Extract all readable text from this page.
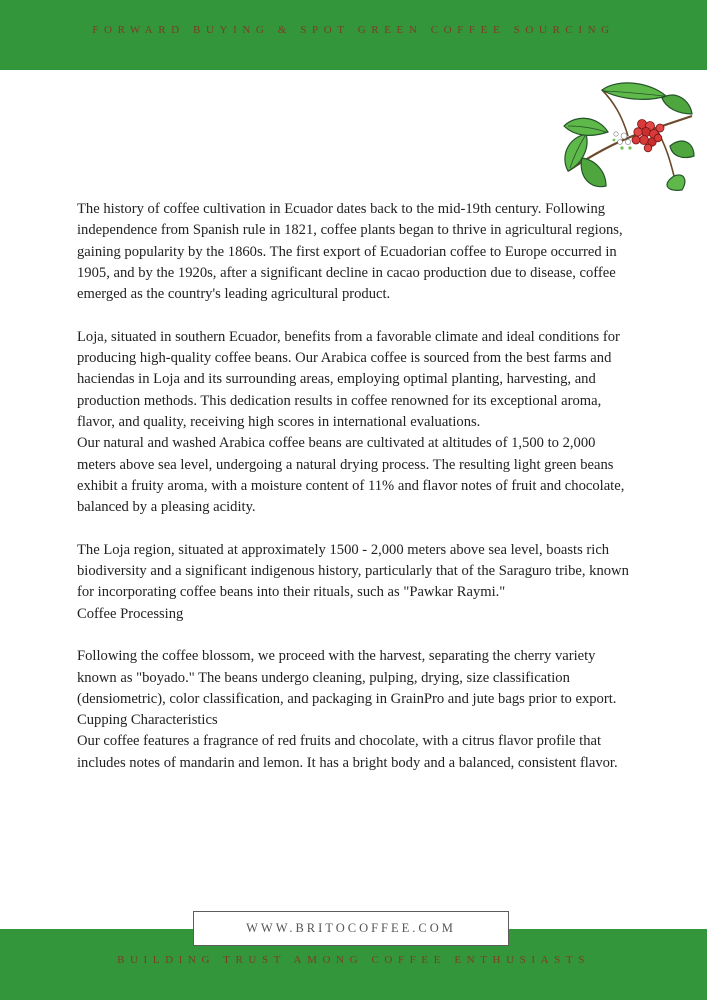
FORWARD BUYING & SPOT GREEN COFFEE SOURCING

The history of coffee cultivation in Ecuador dates back to the mid-19th century. Following independence from Spanish rule in 1821, coffee plants began to thrive in agricultural regions, gaining popularity by the 1860s. The first export of Ecuadorian coffee to Europe occurred in 1905, and by the 1920s, after a significant decline in cacao production due to disease, coffee emerged as the country's leading agricultural product.

Loja, situated in southern Ecuador, benefits from a favorable climate and ideal conditions for producing high-quality coffee beans. Our Arabica coffee is sourced from the best farms and haciendas in Loja and its surrounding areas, employing optimal planting, harvesting, and production methods. This dedication results in coffee renowned for its exceptional aroma, flavor, and quality, receiving high scores in international evaluations.

Our natural and washed Arabica coffee beans are cultivated at altitudes of 1,500 to 2,000 meters above sea level, undergoing a natural drying process. The resulting light green beans exhibit a fruity aroma, with a moisture content of 11% and flavor notes of fruit and chocolate, balanced by a pleasing acidity.

The Loja region, situated at approximately 1500 - 2,000 meters above sea level, boasts rich biodiversity and a significant indigenous history, particularly that of the Saraguro tribe, known for incorporating coffee beans into their rituals, such as "Pawkar Raymi."

Coffee Processing

Following the coffee blossom, we proceed with the harvest, separating the cherry variety known as "boyado." The beans undergo cleaning, pulping, drying, size classification (densiometric), color classification, and packaging in GrainPro and jute bags prior to export.

Cupping Characteristics

Our coffee features a fragrance of red fruits and chocolate, with a citrus flavor profile that includes notes of mandarin and lemon. It has a bright body and a balanced, consistent flavor.

BUILDING TRUST AMONG COFFEE ENTHUSIASTS
WWW.BRITOCOFFEE.COM
